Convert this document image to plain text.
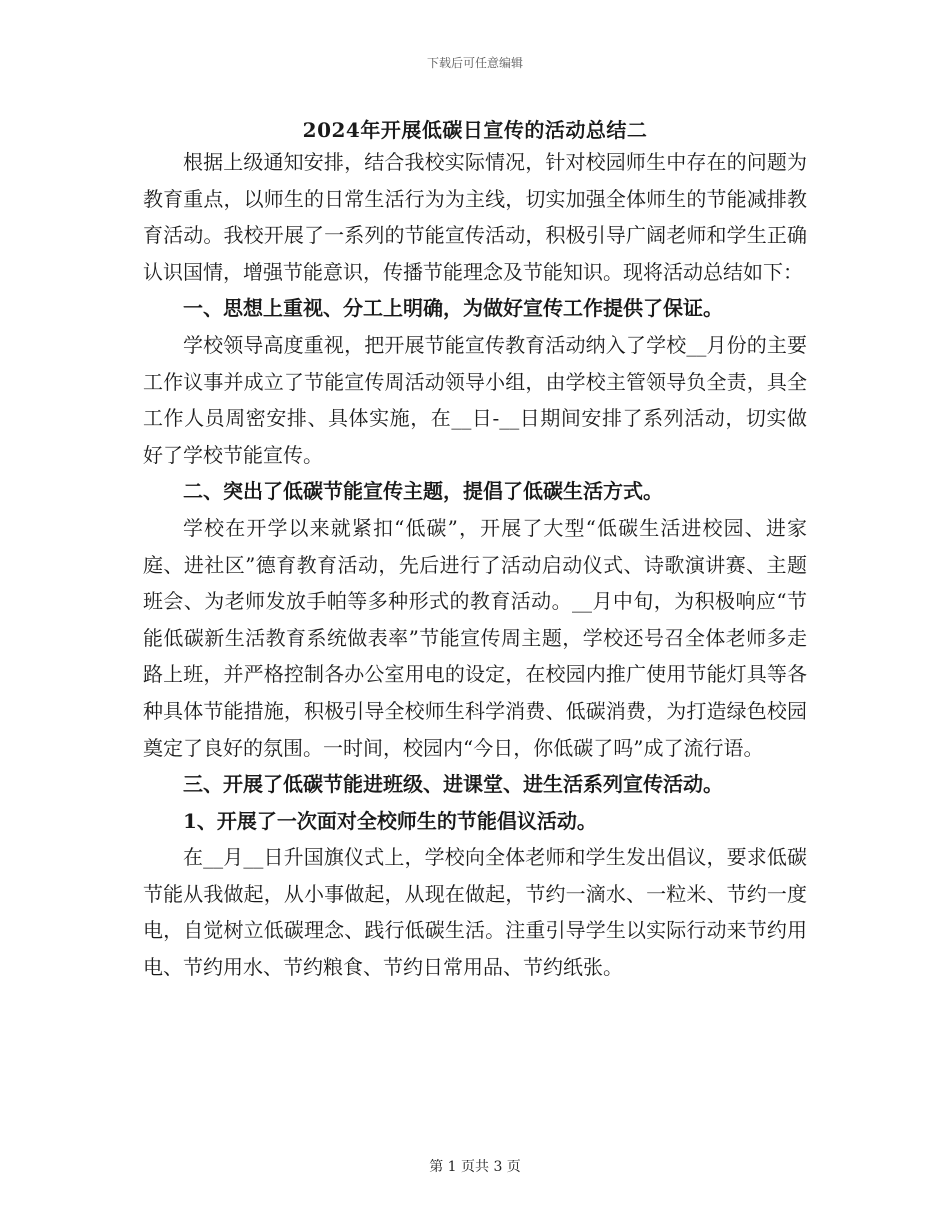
下载后可任意编辑
2024年开展低碳日宣传的活动总结二

根据上级通知安排，结合我校实际情况，针对校园师生中存在的问题为教育重点，以师生的日常生活行为为主线，切实加强全体师生的节能减排教育活动。我校开展了一系列的节能宣传活动，积极引导广阔老师和学生正确认识国情，增强节能意识，传播节能理念及节能知识。现将活动总结如下：

一、思想上重视、分工上明确，为做好宣传工作提供了保证。

学校领导高度重视，把开展节能宣传教育活动纳入了学校__月份的主要工作议事并成立了节能宣传周活动领导小组，由学校主管领导负全责，具全工作人员周密安排、具体实施，在__日-__日期间安排了系列活动，切实做好了学校节能宣传。

二、突出了低碳节能宣传主题，提倡了低碳生活方式。

学校在开学以来就紧扣“低碳”，开展了大型“低碳生活进校园、进家庭、进社区”德育教育活动，先后进行了活动启动仪式、诗歌演讲赛、主题班会、为老师发放手帕等多种形式的教育活动。__月中旬，为积极响应“节能低碳新生活教育系统做表率”节能宣传周主题，学校还号召全体老师多走路上班，并严格控制各办公室用电的设定，在校园内推广使用节能灯具等各种具体节能措施，积极引导全校师生科学消费、低碳消费，为打造绿色校园奠定了良好的氛围。一时间，校园内“今日，你低碳了吗”成了流行语。

三、开展了低碳节能进班级、进课堂、进生活系列宣传活动。

1、开展了一次面对全校师生的节能倡议活动。

在__月__日升国旗仪式上，学校向全体老师和学生发出倡议，要求低碳节能从我做起，从小事做起，从现在做起，节约一滴水、一粒米、节约一度电，自觉树立低碳理念、践行低碳生活。注重引导学生以实际行动来节约用电、节约用水、节约粮食、节约日常用品、节约纸张。

第 1 页共 3 页
